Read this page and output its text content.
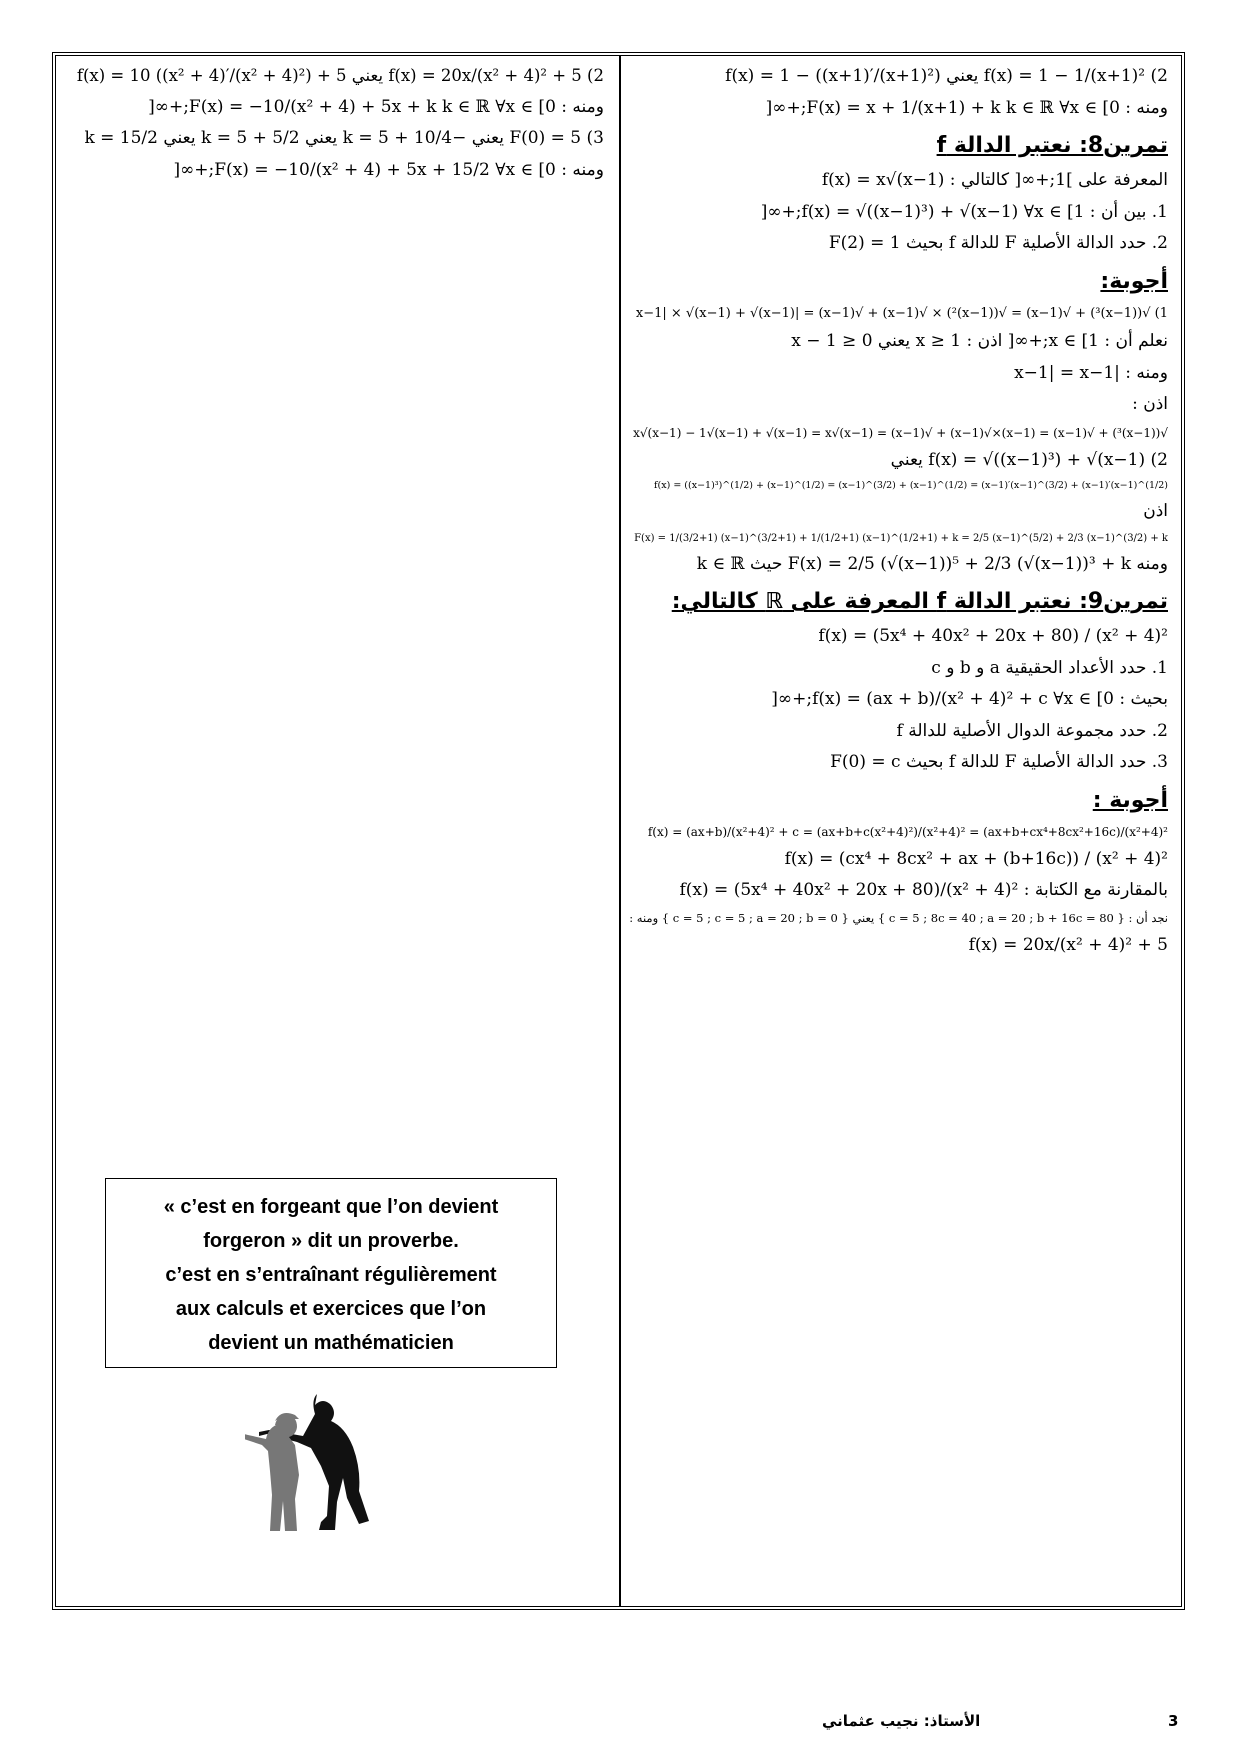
2) f(x) = 1 − 1/(x+1)² يعني f(x) = 1 − ((x+1)′/(x+1)²)
ومنه : F(x) = x + 1/(x+1) + k k ∈ ℝ ∀x ∈ [0;+∞[
تمرين8: نعتبر الدالة f
المعرفة على ]1;+∞[ كالتالي : f(x) = x√(x−1)
1. بين أن : f(x) = √((x−1)³) + √(x−1) ∀x ∈ [1;+∞[
2. حدد الدالة الأصلية F للدالة f بحيث F(2) = 1
أجوبة:
1) √((x−1)³) + √(x−1) = √((x−1)²) × √(x−1) + √(x−1) = |x−1| × √(x−1) + √(x−1)
نعلم أن : x ∈ [1;+∞[ اذن : x ≥ 1 يعني x − 1 ≥ 0
ومنه : |x−1| = x−1
اذن :
√((x−1)³) + √(x−1) = (x−1)×√(x−1) + √(x−1) = x√(x−1) − 1√(x−1) + √(x−1) = x√(x−1)
2) f(x) = √((x−1)³) + √(x−1) يعني
f(x) = ((x−1)³)^(1/2) + (x−1)^(1/2) = (x−1)^(3/2) + (x−1)^(1/2) = (x−1)′(x−1)^(3/2) + (x−1)′(x−1)^(1/2)
اذن
F(x) = 1/(3/2+1) (x−1)^(3/2+1) + 1/(1/2+1) (x−1)^(1/2+1) + k = 2/5 (x−1)^(5/2) + 2/3 (x−1)^(3/2) + k
ومنه F(x) = 2/5 (√(x−1))⁵ + 2/3 (√(x−1))³ + k حيث k ∈ ℝ
تمرين9: نعتبر الدالة f المعرفة على ℝ كالتالي:
f(x) = (5x⁴ + 40x² + 20x + 80) / (x² + 4)²
1. حدد الأعداد الحقيقية a و b و c
بحيث : f(x) = (ax + b)/(x² + 4)² + c ∀x ∈ [0;+∞[
2. حدد مجموعة الدوال الأصلية للدالة f
3. حدد الدالة الأصلية F للدالة f بحيث F(0) = c
أجوبة :
f(x) = (ax+b)/(x²+4)² + c = (ax+b+c(x²+4)²)/(x²+4)² = (ax+b+cx⁴+8cx²+16c)/(x²+4)²
f(x) = (cx⁴ + 8cx² + ax + (b+16c)) / (x² + 4)²
بالمقارنة مع الكتابة : f(x) = (5x⁴ + 40x² + 20x + 80)/(x² + 4)²
نجد أن : { c = 5 ; 8c = 40 ; a = 20 ; b + 16c = 80 } يعني { c = 5 ; c = 5 ; a = 20 ; b = 0 } ومنه :
f(x) = 20x/(x² + 4)² + 5
2) f(x) = 20x/(x² + 4)² + 5 يعني f(x) = 10 ((x² + 4)′/(x² + 4)²) + 5
ومنه : F(x) = −10/(x² + 4) + 5x + k k ∈ ℝ ∀x ∈ [0;+∞[
3) F(0) = 5 يعني −10/4 + k = 5 يعني k = 5 + 5/2 يعني k = 15/2
ومنه : F(x) = −10/(x² + 4) + 5x + 15/2 ∀x ∈ [0;+∞[

« c’est en forgeant que l’on devient

forgeron » dit un proverbe.

c’est en s’entraînant régulièrement

aux calculs et exercices que l’on

devient un mathématicien

3
الأستاذ: نجيب عثماني
